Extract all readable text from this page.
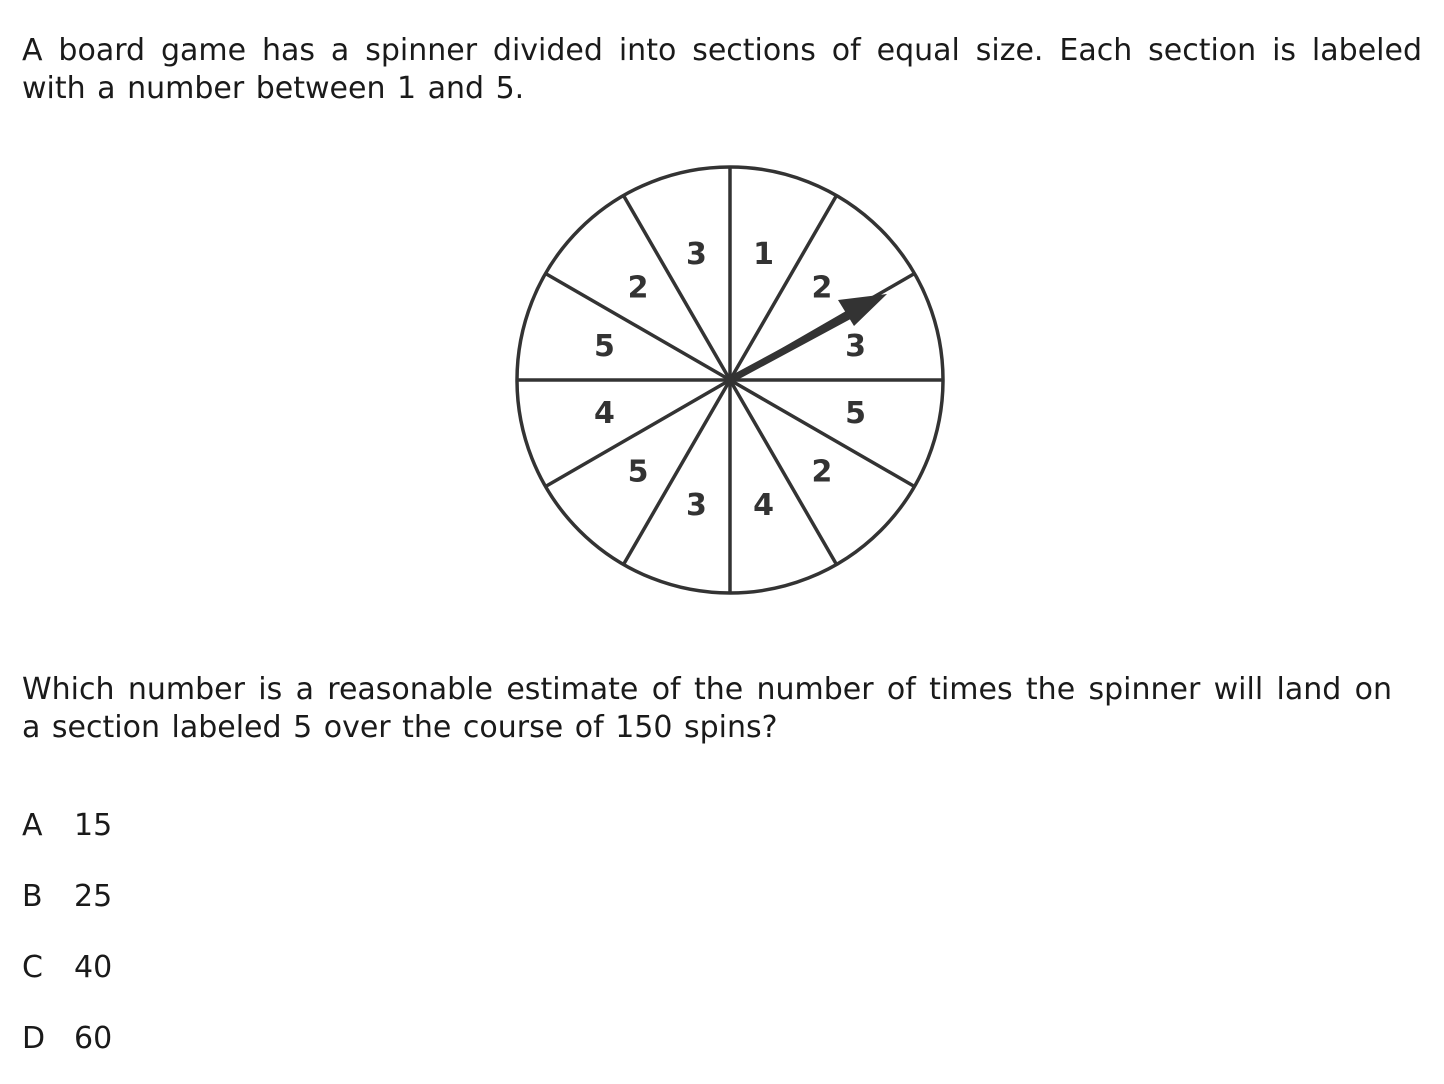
A board game has a spinner divided into sections of equal size. Each section is labeled with a number between 1 and 5.

1
2
3
5
2
4
3
5
4
5
2
3

Which number is a reasonable estimate of the number of times the spinner will land on a section labeled 5 over the course of 150 spins?

A	15
B	25
C	40
D 60
